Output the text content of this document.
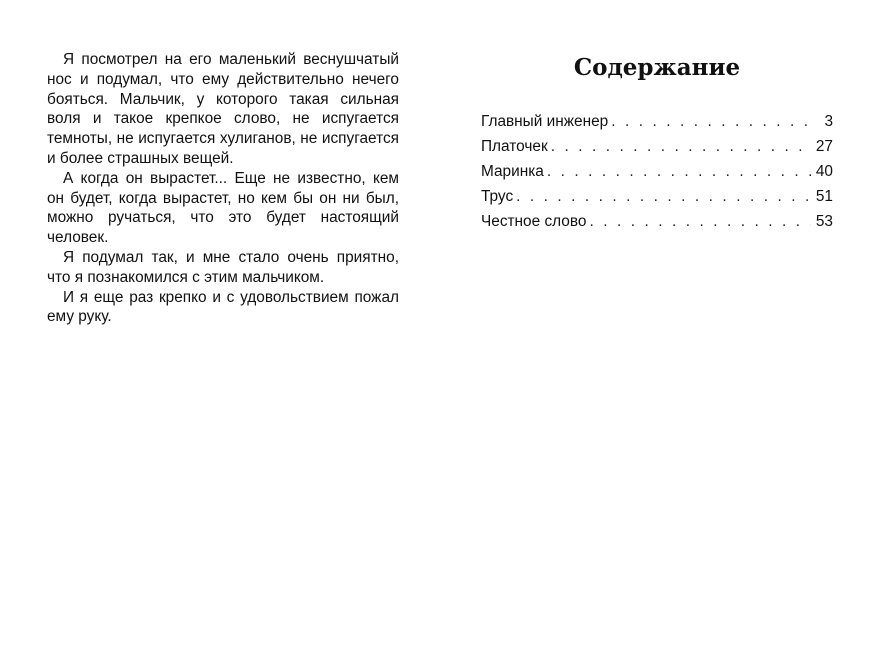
Я посмотрел на его маленький веснушчатый нос и подумал, что ему действительно нечего бояться. Мальчик, у которого такая сильная воля и такое крепкое слово, не испугается темноты, не испугается хулиганов, не испугается и более страшных вещей.

А когда он вырастет... Еще не известно, кем он будет, когда вырастет, но кем бы он ни был, можно ручаться, что это будет настоящий человек.

Я подумал так, и мне стало очень приятно, что я познакомился с этим мальчиком.

И я еще раз крепко и с удовольствием пожал ему руку.

Содержание
Главный инженер . . .	3
Платочек . . .	27
Маринка . . .	40
Трус . . .	51
Честное слово . . .	53
